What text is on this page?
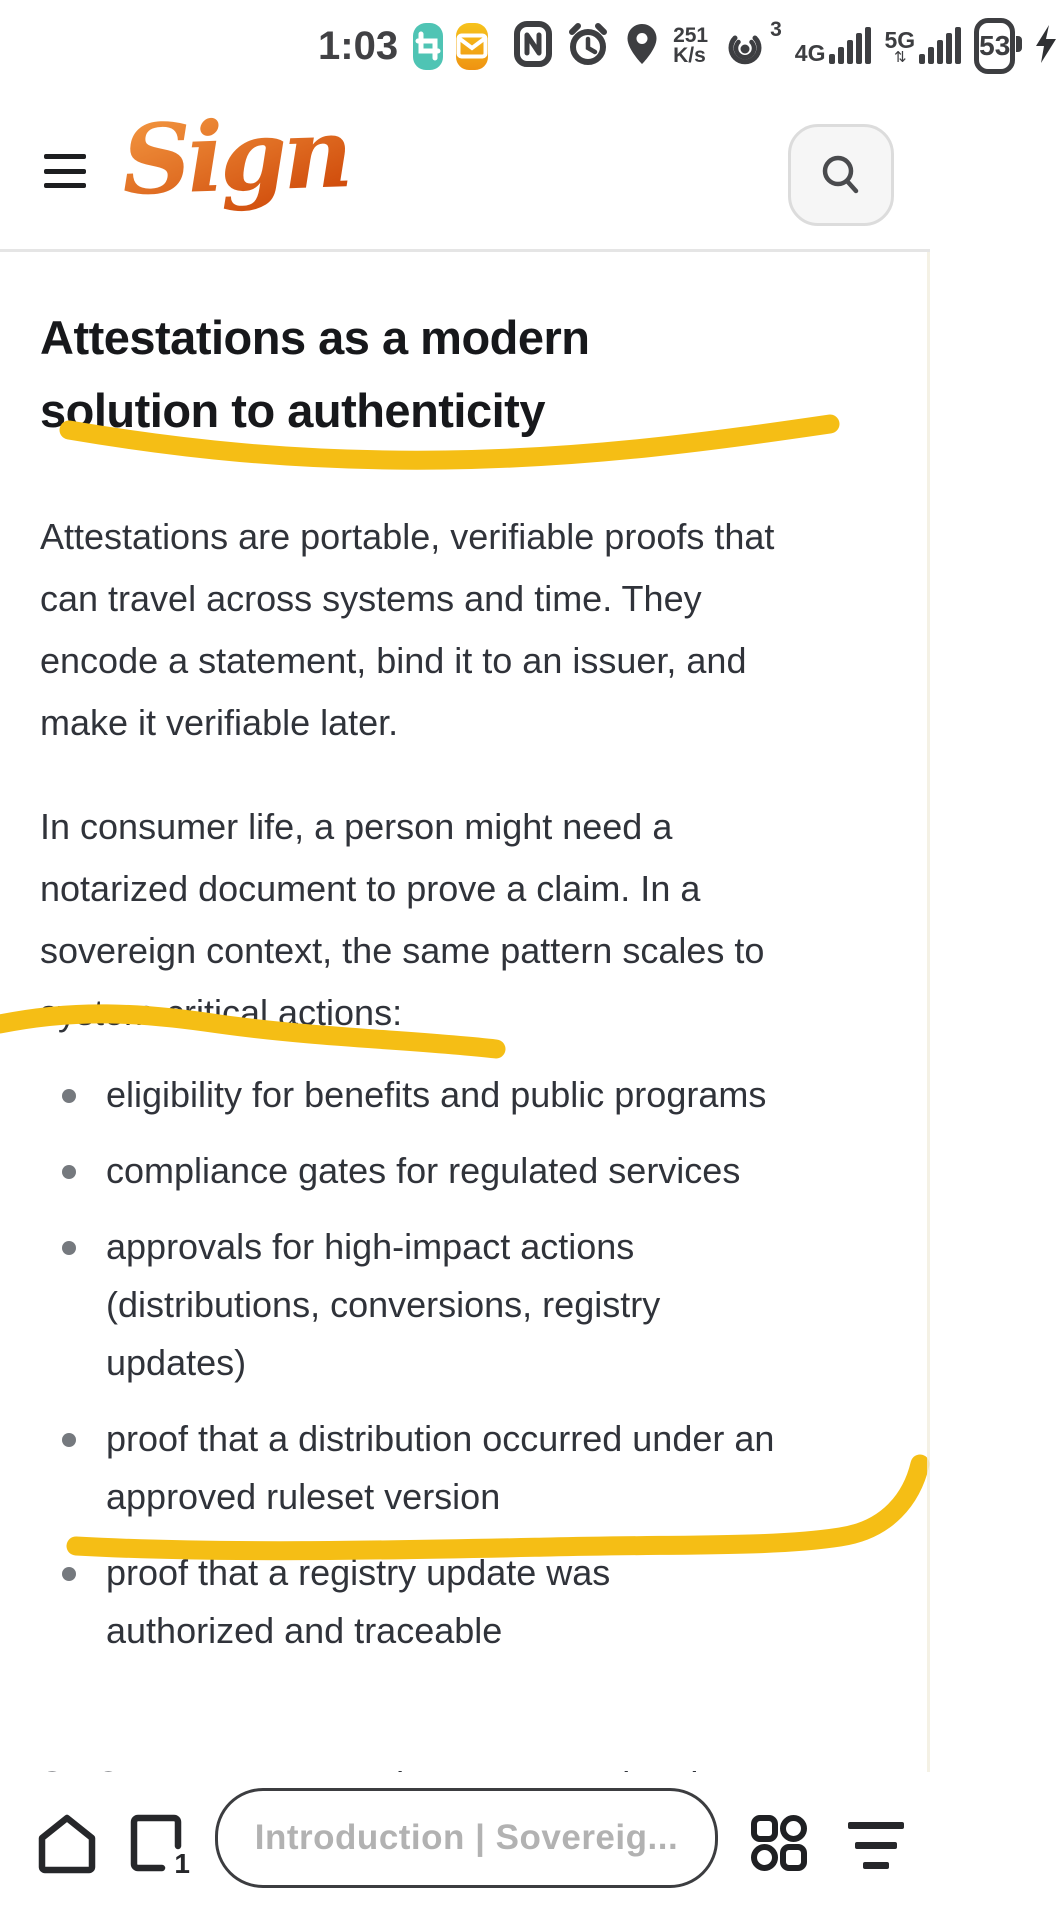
1:03	251
K/s
3
4G	5G
⇅	53
Sign
Attestations as a modern
solution to authenticity

Attestations are portable, verifiable proofs that
can travel across systems and time. They
encode a statement, bind it to an issuer, and
make it verifiable later.

In consumer life, a person might need a
notarized document to prove a claim. In a
sovereign context, the same pattern scales to
system-critical actions:

eligibility for benefits and public programs
compliance gates for regulated services
approvals for high-impact actions
(distributions, conversions, registry
updates)
proof that a distribution occurred under an
approved ruleset version
proof that a registry update was
authorized and traceable

1
Introduction | Sovereig...
